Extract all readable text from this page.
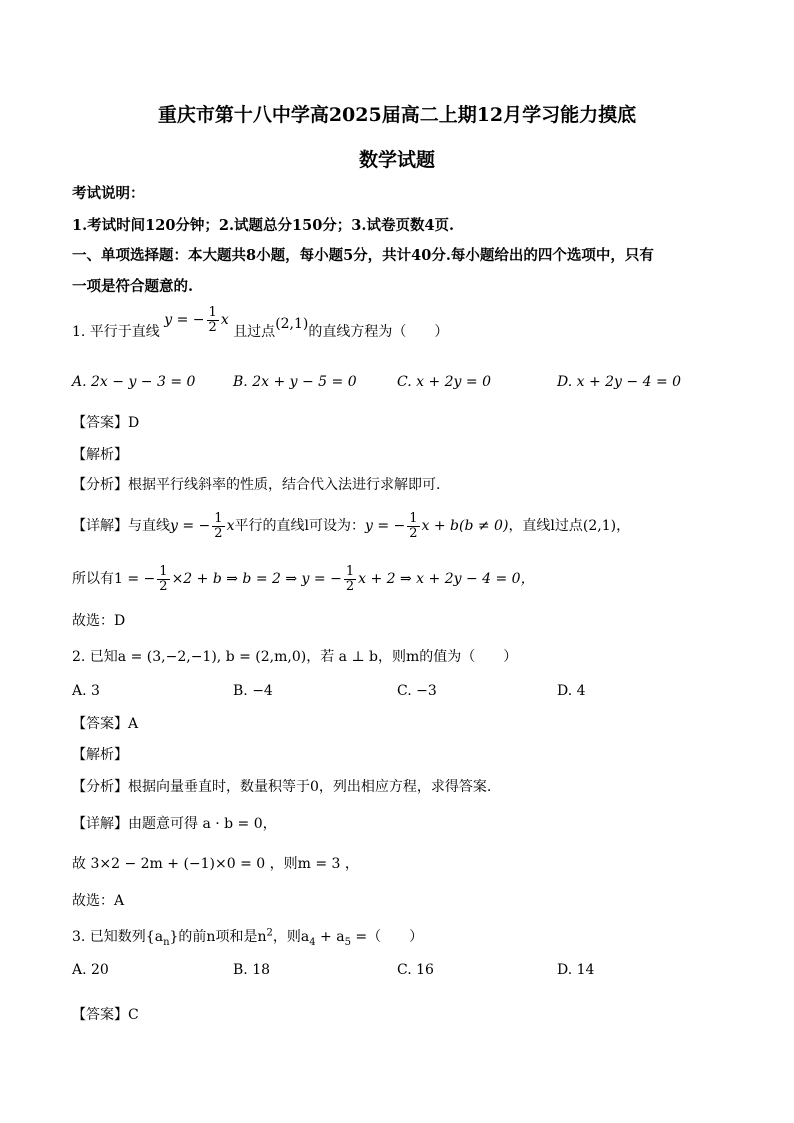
重庆市第十八中学高2025届高二上期12月学习能力摸底
数学试题
考试说明：
1.考试时间120分钟；2.试题总分150分；3.试卷页数4页.
一、单项选择题：本大题共8小题，每小题5分，共计40分.每小题给出的四个选项中，只有
一项是符合题意的.
1. 平行于直线 y = − $\frac{1}{2}$ x 且过点(2,1)的直线方程为（　　）
A. 2x − y − 3 = 0	B. 2x + y − 5 = 0	C. x + 2y = 0	D. x + 2y − 4 = 0
【答案】D
【解析】
【分析】根据平行线斜率的性质，结合代入法进行求解即可.
【详解】与直线y = − $\frac{1}{2}$ x平行的直线l可设为：y = − $\frac{1}{2}$ x + b(b ≠ 0)，直线l过点(2,1)，
所以有1 = − $\frac{1}{2} \times 2 + b$ ⇒ b = 2 ⇒ y = − $\frac{1}{2}$ x + 2 ⇒ x + 2y − 4 = 0，
故选：D
2. 已知a = (3,−2,−1), b = (2,m,0)，若 a ⊥ b，则m的值为（　　）
A. 3	B. −4	C. −3	D. 4
【答案】A
【解析】
【分析】根据向量垂直时，数量积等于0，列出相应方程，求得答案.
【详解】由题意可得 a · b = 0，
故 3×2 − 2m + (−1)×0 = 0 ，则m = 3 ，
故选：A
3. 已知数列$\{a_n\}$的前n项和是$n^2$，则$a_4 + a_5$ =（　　）
A. 20	B. 18	C. 16	D. 14
【答案】C
